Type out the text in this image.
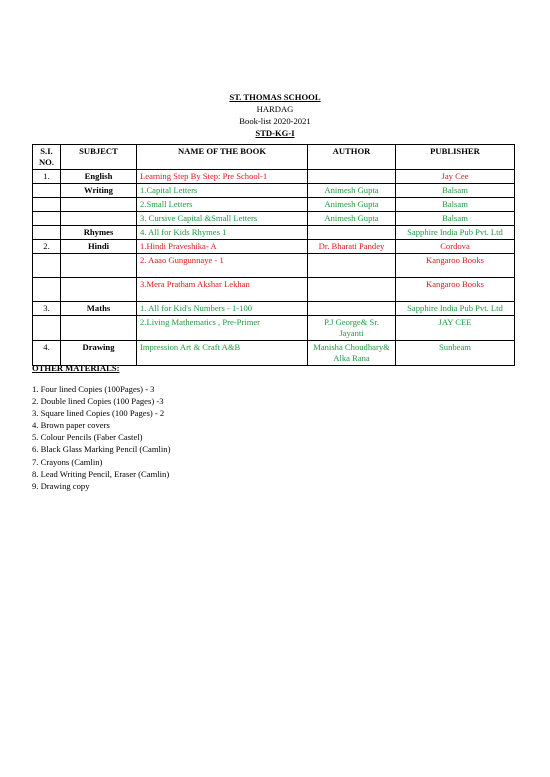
ST. THOMAS SCHOOL
HARDAG
Book-list 2020-2021
STD-KG-I
S.I. NO.	SUBJECT	NAME OF THE BOOK	AUTHOR	PUBLISHER
1.	English	Learning Step By Step: Pre School-1		Jay Cee
	Writing	1.Capital Letters	Animesh Gupta	Balsam
		2.Small Letters	Animesh Gupta	Balsam
		3. Cursive Capital &Small Letters	Animesh Gupta	Balsam
	Rhymes	4. All for Kids Rhymes 1		Sapphire India Pub Pvt. Ltd
2.	Hindi	1.Hindi Praveshika- A	Dr. Bharati Pandey	Cordova
		2. Aaao Gungunnaye - 1		Kangaroo Books
		3.Mera Pratham Akshar Lekhan		Kangaroo Books
3.	Maths	1. All for Kid's Numbers - 1-100		Sapphire India Pub Pvt. Ltd
		2.Living Mathematics , Pre-Primer	P.J George& Sr. Jayanti	JAY CEE
4.	Drawing	Impression Art & Craft A&B	Manisha Choudhary& Alka Rana	Sunbeam
OTHER MATERIALS:
1. Four lined Copies (100Pages) - 3
2. Double lined Copies (100 Pages) -3
3. Square lined Copies (100 Pages) - 2
4. Brown paper covers
5. Colour Pencils (Faber Castel)
6. Black Glass Marking Pencil (Camlin)
7. Crayons (Camlin)
8. Lead Writing Pencil, Eraser (Camlin)
9. Drawing copy
